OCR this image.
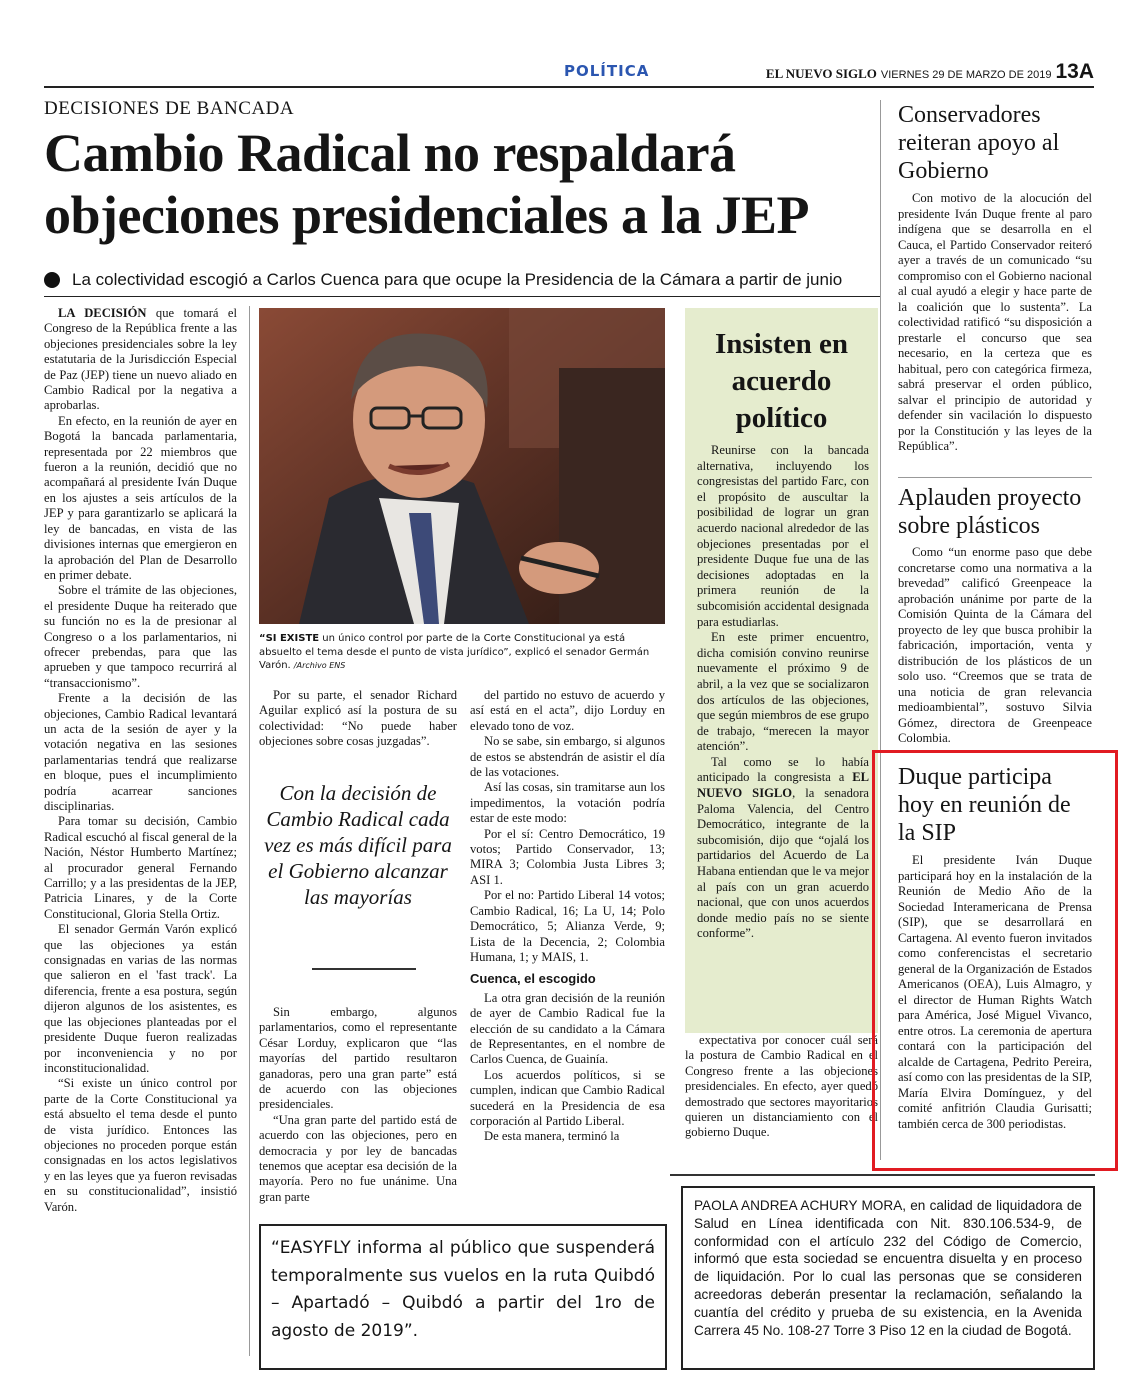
POLÍTICA	EL NUEVO SIGLO VIERNES 29 DE MARZO DE 2019 13A
DECISIONES DE BANCADA
Cambio Radical no respaldará objeciones presidenciales a la JEP
La colectividad escogió a Carlos Cuenca para que ocupe la Presidencia de la Cámara a partir de junio

LA DECISIÓN que tomará el Congreso de la República frente a las objeciones presidenciales sobre la ley estatutaria de la Jurisdicción Especial de Paz (JEP) tiene un nuevo aliado en Cambio Radical por la negativa a aprobarlas.

En efecto, en la reunión de ayer en Bogotá la bancada parlamentaria, representada por 22 miembros que fueron a la reunión, decidió que no acompañará al presidente Iván Duque en los ajustes a seis artículos de la JEP y para garantizarlo se aplicará la ley de bancadas, en vista de las divisiones internas que emergieron en la aprobación del Plan de Desarrollo en primer debate.

Sobre el trámite de las objeciones, el presidente Duque ha reiterado que su función no es la de presionar al Congreso o a los parlamentarios, ni ofrecer prebendas, para que las aprueben y que tampoco recurrirá al “transaccionismo”.

Frente a la decisión de las objeciones, Cambio Radical levantará un acta de la sesión de ayer y la votación negativa en las sesiones parlamentarias tendrá que realizarse en bloque, pues el incumplimiento podría acarrear sanciones disciplinarias.

Para tomar su decisión, Cambio Radical escuchó al fiscal general de la Nación, Néstor Humberto Martínez; al procurador general Fernando Carrillo; y a las presidentas de la JEP, Patricia Linares, y de la Corte Constitucional, Gloria Stella Ortiz.

El senador Germán Varón explicó que las objeciones ya están consignadas en varias de las normas que salieron en el 'fast track'. La diferencia, frente a esa postura, según dijeron algunos de los asistentes, es que las objeciones planteadas por el presidente Duque fueron realizadas por inconveniencia y no por inconstitucionalidad.

“Si existe un único control por parte de la Corte Constitucional ya está absuelto el tema desde el punto de vista jurídico. Entonces las objeciones no proceden porque están consignadas en los actos legislativos y en las leyes que ya fueron revisadas en su constitucionalidad”, insistió Varón.

“SI EXISTE un único control por parte de la Corte Constitucional ya está absuelto el tema desde el punto de vista jurídico”, explicó el senador Germán Varón. /Archivo ENS

Por su parte, el senador Richard Aguilar explicó así la postura de su colectividad: “No puede haber objeciones sobre cosas juzgadas”.

Con la decisión de Cambio Radical cada vez es más difícil para el Gobierno alcanzar las mayorías

Sin embargo, algunos parlamentarios, como el representante César Lorduy, explicaron que “las mayorías del partido resultaron ganadoras, pero una gran parte” está de acuerdo con las objeciones presidenciales.

“Una gran parte del partido está de acuerdo con las objeciones, pero en democracia y por ley de bancadas tenemos que aceptar esa decisión de la mayoría. Pero no fue unánime. Una gran parte

del partido no estuvo de acuerdo y así está en el acta”, dijo Lorduy en elevado tono de voz.

No se sabe, sin embargo, si algunos de estos se abstendrán de asistir el día de las votaciones.

Así las cosas, sin tramitarse aun los impedimentos, la votación podría estar de este modo:

Por el sí: Centro Democrático, 19 votos; Partido Conservador, 13; MIRA 3; Colombia Justa Libres 3; ASI 1.

Por el no: Partido Liberal 14 votos; Cambio Radical, 16; La U, 14; Polo Democrático, 5; Alianza Verde, 9; Lista de la Decencia, 2; Colombia Humana, 1; y MAIS, 1.

Cuenca, el escogido

La otra gran decisión de la reunión de ayer de Cambio Radical fue la elección de su candidato a la Cámara de Representantes, en el nombre de Carlos Cuenca, de Guainía.

Los acuerdos políticos, si se cumplen, indican que Cambio Radical sucederá en la Presidencia de esa corporación al Partido Liberal.

De esta manera, terminó la

Insisten en acuerdo político

Reunirse con la bancada alternativa, incluyendo los congresistas del partido Farc, con el propósito de auscultar la posibilidad de lograr un gran acuerdo nacional alrededor de las objeciones presentadas por el presidente Duque fue una de las decisiones adoptadas en la primera reunión de la subcomisión accidental designada para estudiarlas.

En este primer encuentro, dicha comisión convino reunirse nuevamente el próximo 9 de abril, a la vez que se socializaron dos artículos de las objeciones, que según miembros de ese grupo de trabajo, “merecen la mayor atención”.

Tal como se lo había anticipado la congresista a EL NUEVO SIGLO, la senadora Paloma Valencia, del Centro Democrático, integrante de la subcomisión, dijo que “ojalá los partidarios del Acuerdo de La Habana entiendan que le va mejor al país con un gran acuerdo nacional, que con unos acuerdos donde medio país no se siente conforme”.

expectativa por conocer cuál será la postura de Cambio Radical en el Congreso frente a las objeciones presidenciales. En efecto, ayer quedó demostrado que sectores mayoritarios quieren un distanciamiento con el gobierno Duque.

Conservadores reiteran apoyo al Gobierno

Con motivo de la alocución del presidente Iván Duque frente al paro indígena que se desarrolla en el Cauca, el Partido Conservador reiteró ayer a través de un comunicado “su compromiso con el Gobierno nacional al cual ayudó a elegir y hace parte de la coalición que lo sustenta”. La colectividad ratificó “su disposición a prestarle el concurso que sea necesario, en la certeza que es habitual, pero con categórica firmeza, sabrá preservar el orden público, salvar el principio de autoridad y defender sin vacilación lo dispuesto por la Constitución y las leyes de la República”.

Aplauden proyecto sobre plásticos

Como “un enorme paso que debe concretarse como una normativa a la brevedad” calificó Greenpeace la aprobación unánime por parte de la Comisión Quinta de la Cámara del proyecto de ley que busca prohibir la fabricación, importación, venta y distribución de los plásticos de un solo uso. “Creemos que se trata de una noticia de gran relevancia medioambiental”, sostuvo Silvia Gómez, directora de Greenpeace Colombia.

Duque participa hoy en reunión de la SIP

El presidente Iván Duque participará hoy en la instalación de la Reunión de Medio Año de la Sociedad Interamericana de Prensa (SIP), que se desarrollará en Cartagena. Al evento fueron invitados como conferencistas el secretario general de la Organización de Estados Americanos (OEA), Luis Almagro, y el director de Human Rights Watch para América, José Miguel Vivanco, entre otros. La ceremonia de apertura contará con la participación del alcalde de Cartagena, Pedrito Pereira, así como con las presidentas de la SIP, María Elvira Domínguez, y del comité anfitrión Claudia Gurisatti; también cerca de 300 periodistas.

“EASYFLY informa al público que suspenderá temporalmente sus vuelos en la ruta Quibdó – Apartadó – Quibdó a partir del 1ro de agosto de 2019”.
PAOLA ANDREA ACHURY MORA, en calidad de liquidadora de Salud en Línea identificada con Nit. 830.106.534-9, de conformidad con el artículo 232 del Código de Comercio, informó que esta sociedad se encuentra disuelta y en proceso de liquidación. Por lo cual las personas que se consideren acreedoras deberán presentar la reclamación, señalando la cuantía del crédito y prueba de su existencia, en la Avenida Carrera 45 No. 108-27 Torre 3 Piso 12 en la ciudad de Bogotá.
